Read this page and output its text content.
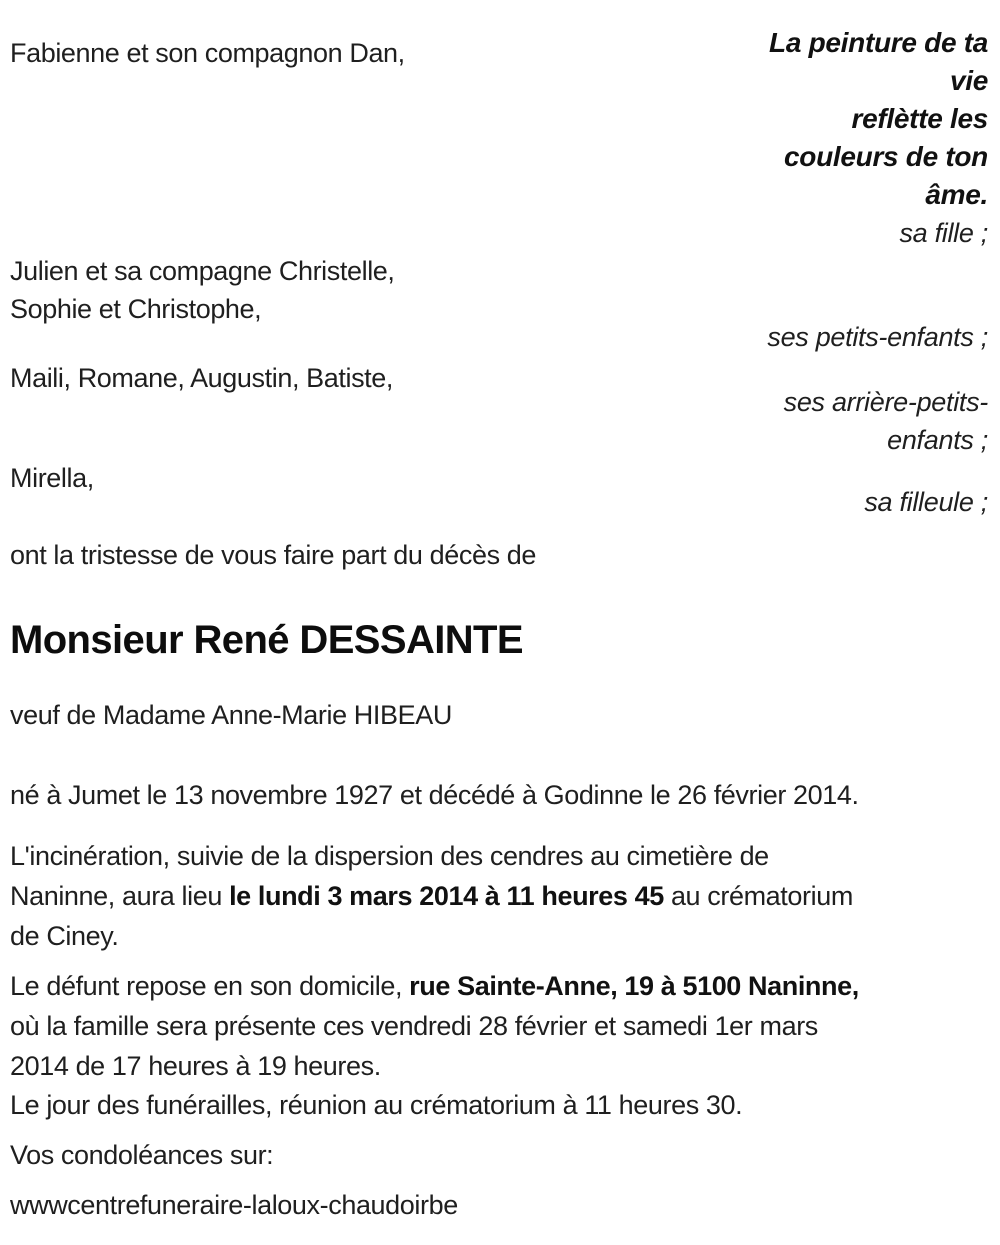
Fabienne et son compagnon Dan,	La peinture de ta
vie
reflètte les
couleurs de ton
âme.
sa fille ;
Julien et sa compagne Christelle,
Sophie et Christophe,
ses petits-enfants ;
Maili, Romane, Augustin, Batiste,
ses arrière-petits-
enfants ;
Mirella,
sa filleule ;
ont la tristesse de vous faire part du décès de
Monsieur René DESSAINTE
veuf de Madame Anne-Marie HIBEAU
né à Jumet le 13 novembre 1927 et décédé à Godinne le 26 février 2014.
L'incinération, suivie de la dispersion des cendres au cimetière de
Naninne, aura lieu le lundi 3 mars 2014 à 11 heures 45 au crématorium
de Ciney.
Le défunt repose en son domicile, rue Sainte-Anne, 19 à 5100 Naninne,
où la famille sera présente ces vendredi 28 février et samedi 1er mars
2014 de 17 heures à 19 heures.
Le jour des funérailles, réunion au crématorium à 11 heures 30.
Vos condoléances sur:
wwwcentrefuneraire-laloux-chaudoirbe
